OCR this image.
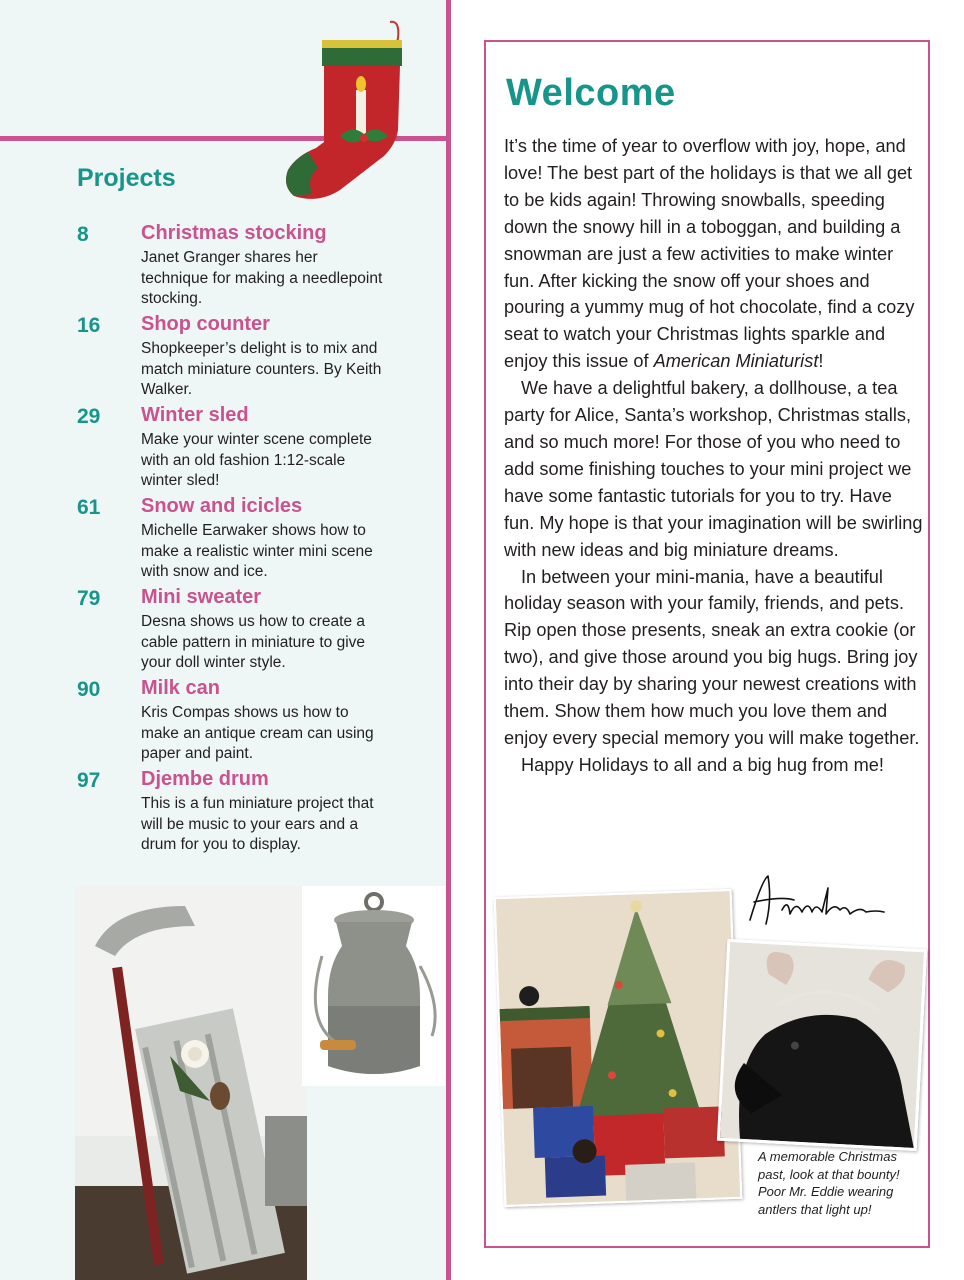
Projects
8	Christmas stocking
Janet Granger shares her technique for making a needlepoint stocking.
16 Shop counter
Shopkeeper’s delight is to mix and match miniature counters. By Keith Walker.
29 Winter sled
Make your winter scene complete with an old fashion 1:12-scale winter sled!
61 Snow and icicles
Michelle Earwaker shows how to make a realistic winter mini scene with snow and ice.
79 Mini sweater
Desna shows us how to create a cable pattern in miniature to give your doll winter style.
90 Milk can
Kris Compas shows us how to make an antique cream can using paper and paint.
97 Djembe drum
This is a fun miniature project that will be music to your ears and a drum for you to display.
Welcome

It’s the time of year to overflow with joy, hope, and love! The best part of the holidays is that we all get to be kids again! Throwing snowballs, speeding down the snowy hill in a toboggan, and building a snowman are just a few activities to make winter fun. After kicking the snow off your shoes and pouring a yummy mug of hot chocolate, find a cozy seat to watch your Christmas lights sparkle and enjoy this issue of American Miniaturist!

We have a delightful bakery, a dollhouse, a tea party for Alice, Santa’s workshop, Christmas stalls, and so much more! For those of you who need to add some finishing touches to your mini project we have some fantastic tutorials for you to try. Have fun. My hope is that your imagination will be swirling with new ideas and big miniature dreams.

In between your mini-mania, have a beautiful holiday season with your family, friends, and pets. Rip open those presents, sneak an extra cookie (or two), and give those around you big hugs. Bring joy into their day by sharing your newest creations with them. Show them how much you love them and enjoy every special memory you will make together.

Happy Holidays to all and a big hug from me!

A memorable Christmas past, look at that bounty! Poor Mr. Eddie wearing antlers that light up!
